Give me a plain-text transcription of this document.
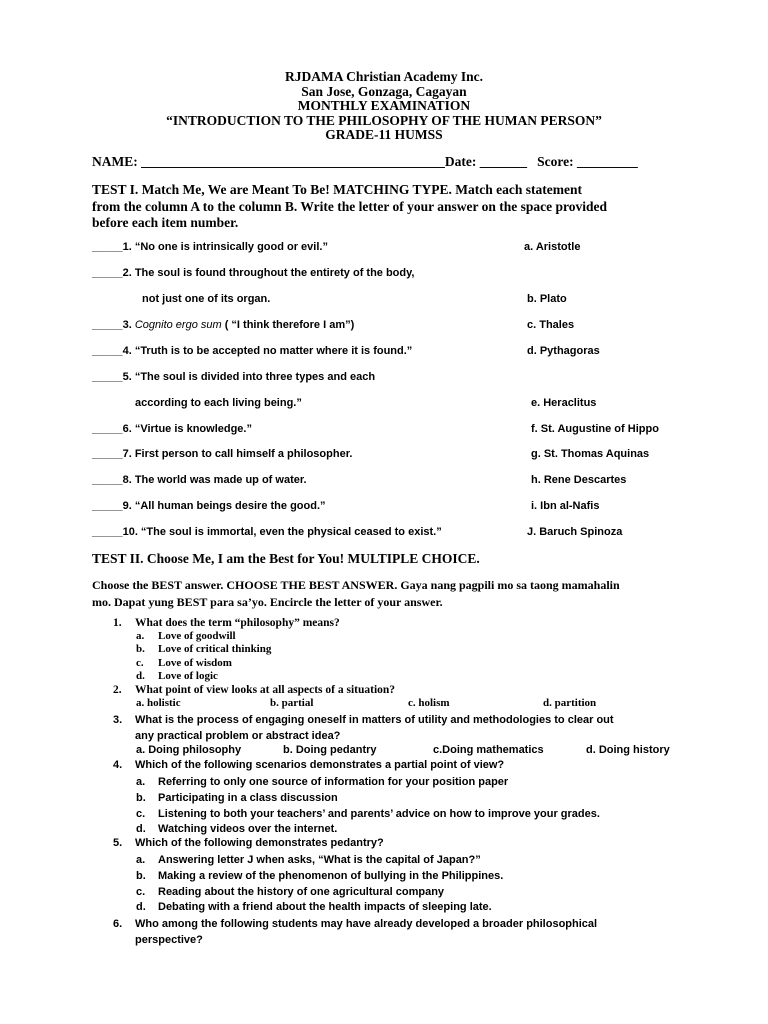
RJDAMA Christian Academy Inc.
San Jose, Gonzaga, Cagayan
MONTHLY EXAMINATION
“INTRODUCTION TO THE PHILOSOPHY OF THE HUMAN PERSON”
GRADE-11 HUMSS
NAME: _____________________________________________Date: _______ Score: _________
TEST I. Match Me, We are Meant To Be! MATCHING TYPE. Match each statement
from the column A to the column B. Write the letter of your answer on the space provided
before each item number.
_____1. “No one is intrinsically good or evil.”	a. Aristotle
_____2. The soul is found throughout the entirety of the body,
not just one of its organ.	b. Plato
_____3. Cognito ergo sum ( “I think therefore I am”)	c. Thales
_____4. “Truth is to be accepted no matter where it is found.”	d. Pythagoras
_____5. “The soul is divided into three types and each
according to each living being.”	e. Heraclitus
_____6. “Virtue is knowledge.”	f. St. Augustine of Hippo
_____7. First person to call himself a philosopher.	g. St. Thomas Aquinas
_____8. The world was made up of water.	h. Rene Descartes
_____9. “All human beings desire the good.”	i. Ibn al-Nafis
_____10. “The soul is immortal, even the physical ceased to exist.”	J. Baruch Spinoza
TEST II. Choose Me, I am the Best for You! MULTIPLE CHOICE.
Choose the BEST answer. CHOOSE THE BEST ANSWER. Gaya nang pagpili mo sa taong mamahalin
mo. Dapat yung BEST para sa’yo. Encircle the letter of your answer.
1. What does the term “philosophy” means?
a. Love of goodwill
b. Love of critical thinking
c. Love of wisdom
d. Love of logic
2. What point of view looks at all aspects of a situation?
a. holistic	b. partial	c. holism	d. partition
3. What is the process of engaging oneself in matters of utility and methodologies to clear out
any practical problem or abstract idea?
a. Doing philosophy	b. Doing pedantry	c.Doing mathematics	d. Doing history
4. Which of the following scenarios demonstrates a partial point of view?
a. Referring to only one source of information for your position paper
b. Participating in a class discussion
c. Listening to both your teachers’ and parents’ advice on how to improve your grades.
d. Watching videos over the internet.
5. Which of the following demonstrates pedantry?
a. Answering letter J when asks, “What is the capital of Japan?”
b. Making a review of the phenomenon of bullying in the Philippines.
c. Reading about the history of one agricultural company
d. Debating with a friend about the health impacts of sleeping late.
6. Who among the following students may have already developed a broader philosophical
perspective?
